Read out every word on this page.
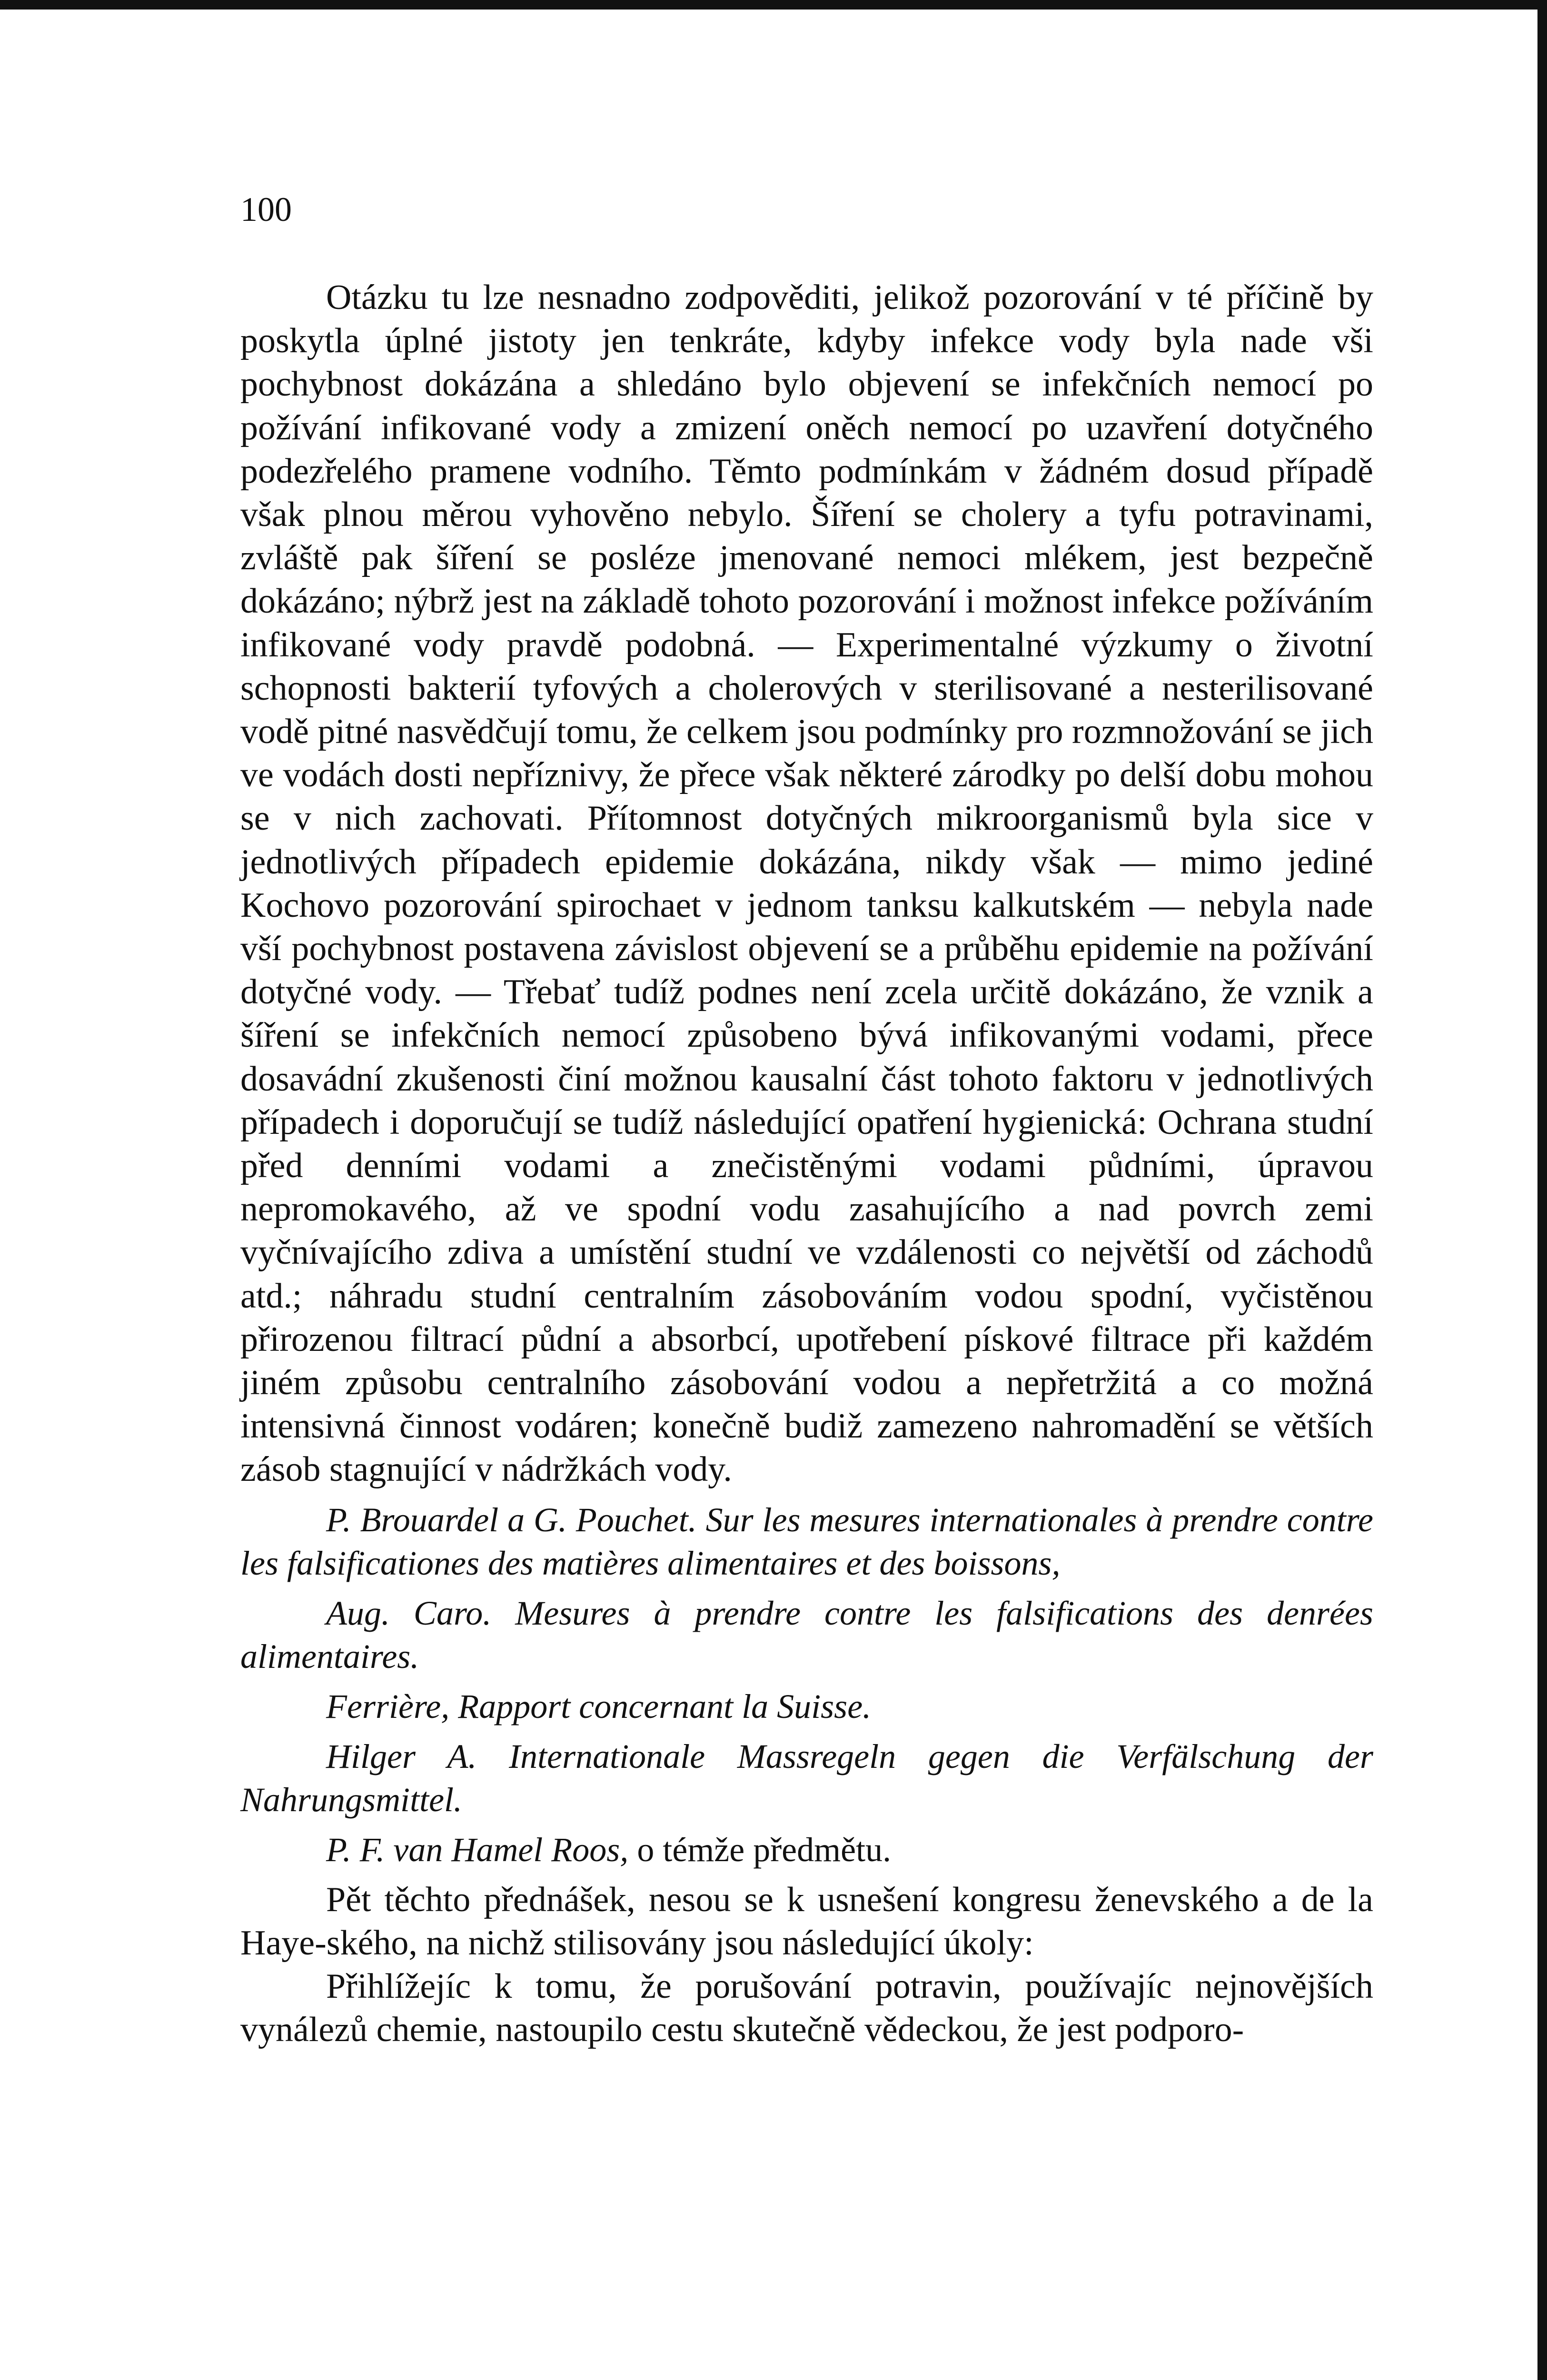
100

Otázku tu lze nesnadno zodpověditi, jelikož pozorování v té příčině by poskytla úplné jistoty jen tenkráte, kdyby infekce vody byla nade vši pochybnost dokázána a shledáno bylo objevení se infekčních nemocí po požívání infikované vody a zmizení oněch nemocí po uzavření dotyčného podezřelého pramene vodního. Těmto podmínkám v žádném dosud případě však plnou měrou vyhověno nebylo. Šíření se cholery a tyfu potravinami, zvláště pak šíření se posléze jmenované nemoci mlékem, jest bezpečně dokázáno; nýbrž jest na základě tohoto pozorování i možnost infekce požíváním infikované vody pravdě podobná. — Experimentalné výzkumy o životní schopnosti bakterií tyfových a cholerových v sterilisované a nesterilisované vodě pitné nasvědčují tomu, že celkem jsou podmínky pro rozmnožování se jich ve vodách dosti nepříznivy, že přece však některé zárodky po delší dobu mohou se v nich zachovati. Přítomnost dotyčných mikroorganismů byla sice v jednotlivých případech epidemie dokázána, nikdy však — mimo jediné Kochovo pozorování spirochaet v jednom tanksu kalkutském — nebyla nade vší pochybnost postavena závislost objevení se a průběhu epidemie na požívání dotyčné vody. — Třebať tudíž podnes není zcela určitě dokázáno, že vznik a šíření se infekčních nemocí způsobeno bývá infikovanými vodami, přece dosavádní zkušenosti činí možnou kausalní část tohoto faktoru v jednotlivých případech i doporučují se tudíž následující opatření hygienická: Ochrana studní před denními vodami a znečistěnými vodami půdními, úpravou nepromokavého, až ve spodní vodu zasahujícího a nad povrch zemi vyčnívajícího zdiva a umístění studní ve vzdálenosti co největší od záchodů atd.; náhradu studní centralním zásobováním vodou spodní, vyčistěnou přirozenou filtrací půdní a absorbcí, upotřebení pískové filtrace při každém jiném způsobu centralního zásobování vodou a nepřetržitá a co možná intensivná činnost vodáren; konečně budiž zamezeno nahromadění se větších zásob stagnující v nádržkách vody.

P. Brouardel a G. Pouchet. Sur les mesures internationales à prendre contre les falsificationes des matières alimentaires et des boissons,

Aug. Caro. Mesures à prendre contre les falsifications des denrées alimentaires.

Ferrière, Rapport concernant la Suisse.

Hilger A. Internationale Massregeln gegen die Verfälschung der Nahrungsmittel.

P. F. van Hamel Roos, o témže předmětu.

Pět těchto přednášek, nesou se k usnešení kongresu ženevského a de la Haye-ského, na nichž stilisovány jsou následující úkoly:

Přihlížejíc k tomu, že porušování potravin, používajíc nejnovějších vynálezů chemie, nastoupilo cestu skutečně vědeckou, že jest podporo-
